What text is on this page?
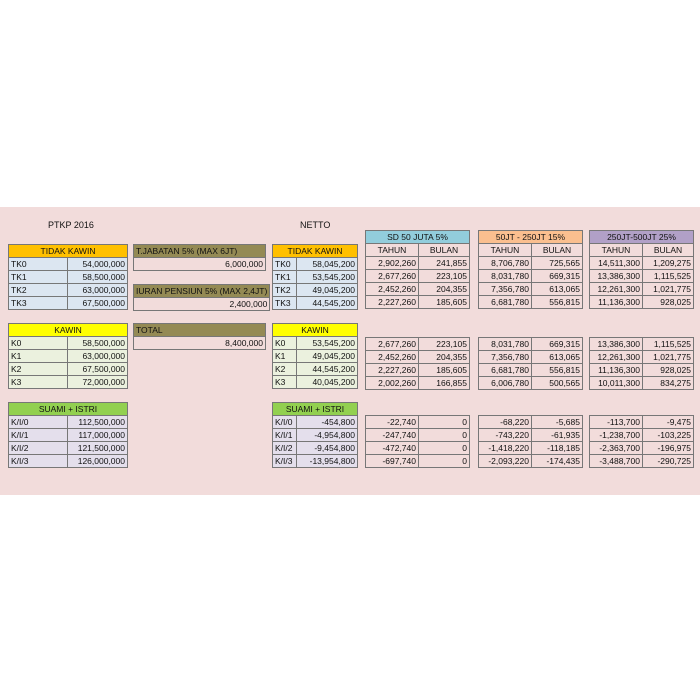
PTKP 2016	NETTO
TIDAK KAWIN	
TK0	54,000,000
TK1	58,500,000
TK2	63,000,000
TK3	67,500,000
KAWIN	
K0	58,500,000
K1	63,000,000
K2	67,500,000
K3	72,000,000
SUAMI + ISTRI	
K/I/0	112,500,000
K/I/1	117,000,000
K/I/2	121,500,000
K/I/3	126,000,000
TIDAK KAWIN	
TK0	58,045,200
TK1	53,545,200
TK2	49,045,200
TK3	44,545,200
KAWIN	
K0	53,545,200
K1	49,045,200
K2	44,545,200
K3	40,045,200
SUAMI + ISTRI	
K/I/0	-454,800
K/I/1	-4,954,800
K/I/2	-9,454,800
K/I/3	-13,954,800
T.JABATAN 5% (MAX 6JT)
6,000,000
IURAN PENSIUN 5% (MAX 2,4JT)
2,400,000
TOTAL
8,400,000
SD 50 JUTA 5%	
TAHUN	BULAN
2,902,260	241,855
2,677,260	223,105
2,452,260	204,355
2,227,260	185,605
2,677,260	223,105
2,452,260	204,355
2,227,260	185,605
2,002,260	166,855
-22,740	0
-247,740	0
-472,740	0
-697,740	0
50JT - 250JT 15%	
TAHUN	BULAN
8,706,780	725,565
8,031,780	669,315
7,356,780	613,065
6,681,780	556,815
8,031,780	669,315
7,356,780	613,065
6,681,780	556,815
6,006,780	500,565
-68,220	-5,685
-743,220	-61,935
-1,418,220	-118,185
-2,093,220	-174,435
250JT-500JT 25%	
TAHUN	BULAN
14,511,300	1,209,275
13,386,300	1,115,525
12,261,300	1,021,775
11,136,300	928,025
13,386,300	1,115,525
12,261,300	1,021,775
11,136,300	928,025
10,011,300	834,275
-113,700	-9,475
-1,238,700	-103,225
-2,363,700	-196,975
-3,488,700	-290,725
